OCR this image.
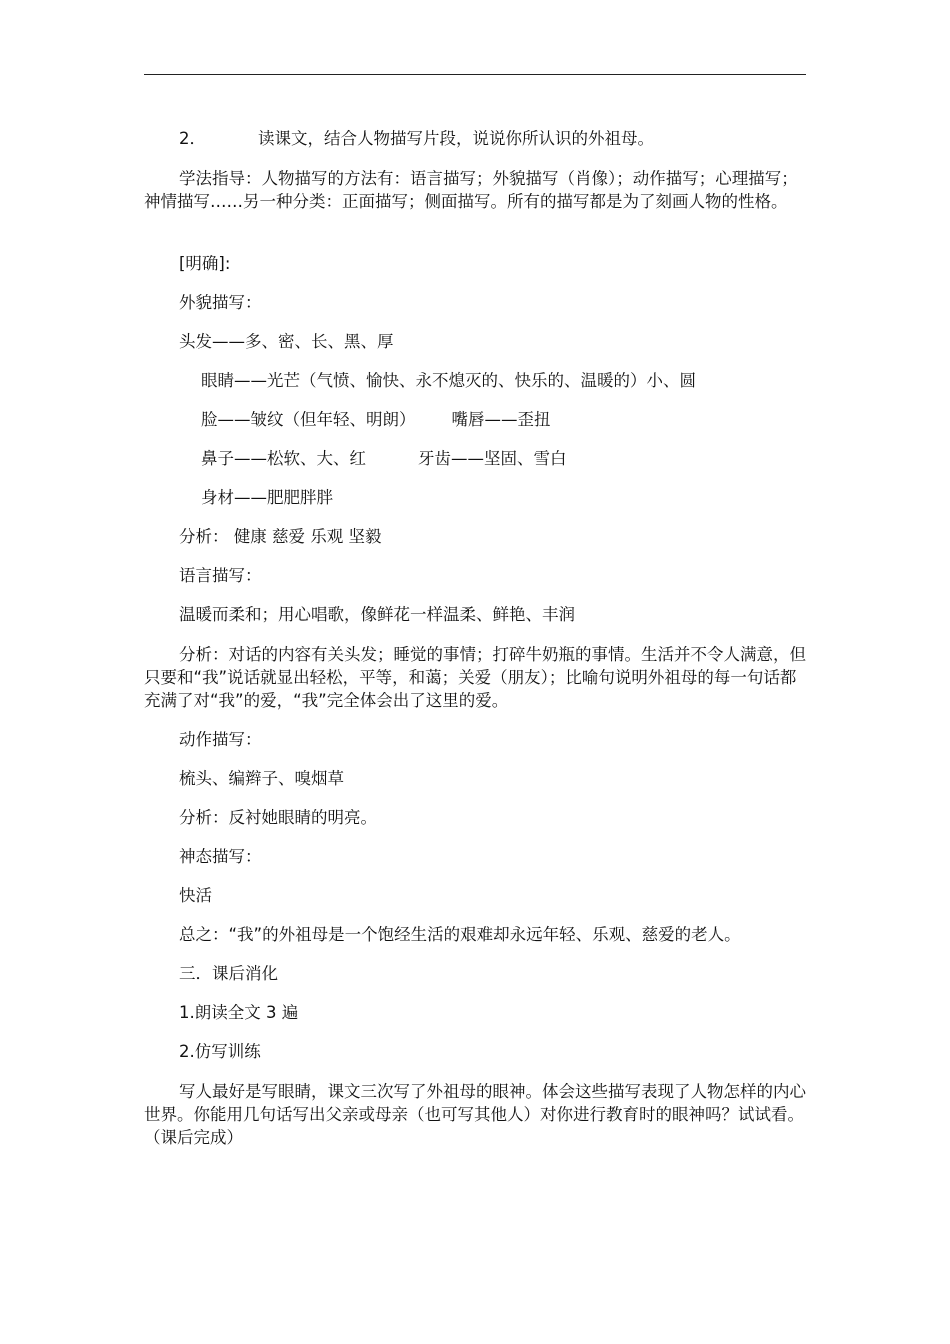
2．	读课文，结合人物描写片段，说说你所认识的外祖母。

学法指导：人物描写的方法有：语言描写；外貌描写（肖像）；动作描写；心理描写；神情描写……另一种分类：正面描写；侧面描写。所有的描写都是为了刻画人物的性格。

[明确]:

外貌描写：

头发——多、密、长、黑、厚

眼睛——光芒（气愤、愉快、永不熄灭的、快乐的、温暖的）小、圆

脸——皱纹（但年轻、明朗） 嘴唇——歪扭

鼻子——松软、大、红	牙齿——坚固、雪白

身材——肥肥胖胖

分析： 健康 慈爱 乐观 坚毅

语言描写：

温暖而柔和；用心唱歌，像鲜花一样温柔、鲜艳、丰润

分析：对话的内容有关头发；睡觉的事情；打碎牛奶瓶的事情。生活并不令人满意，但只要和“我”说话就显出轻松，平等，和蔼；关爱（朋友）；比喻句说明外祖母的每一句话都充满了对“我”的爱，“我”完全体会出了这里的爱。

动作描写：

梳头、编辫子、嗅烟草

分析：反衬她眼睛的明亮。

神态描写：

快活

总之：“我”的外祖母是一个饱经生活的艰难却永远年轻、乐观、慈爱的老人。

三．课后消化

1.朗读全文 3 遍

2.仿写训练

写人最好是写眼睛，课文三次写了外祖母的眼神。体会这些描写表现了人物怎样的内心世界。你能用几句话写出父亲或母亲（也可写其他人）对你进行教育时的眼神吗？试试看。（课后完成）
